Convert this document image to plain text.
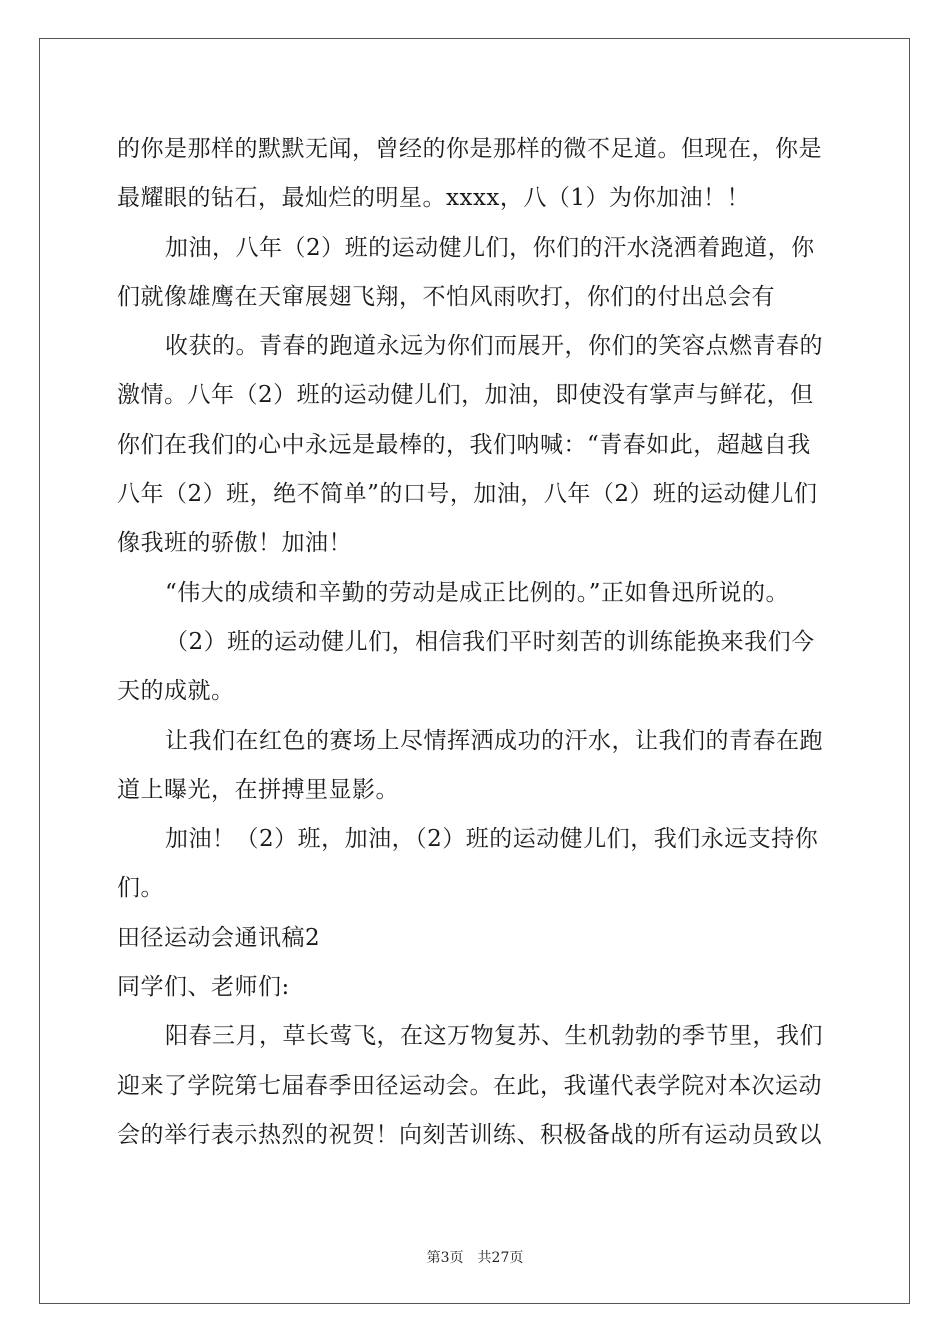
的你是那样的默默无闻，曾经的你是那样的微不足道。但现在，你是
最耀眼的钻石，最灿烂的明星。xxxx，八（1）为你加油！！
加油，八年（2）班的运动健儿们，你们的汗水浇洒着跑道，你
们就像雄鹰在天窜展翅飞翔，不怕风雨吹打，你们的付出总会有
收获的。青春的跑道永远为你们而展开，你们的笑容点燃青春的
激情。八年（2）班的运动健儿们，加油，即使没有掌声与鲜花，但
你们在我们的心中永远是最棒的，我们呐喊：“青春如此，超越自我
八年（2）班，绝不简单”的口号，加油，八年（2）班的运动健儿们
像我班的骄傲！加油！
“伟大的成绩和辛勤的劳动是成正比例的。”正如鲁迅所说的。
（2）班的运动健儿们，相信我们平时刻苦的训练能换来我们今
天的成就。
让我们在红色的赛场上尽情挥洒成功的汗水，让我们的青春在跑
道上曝光，在拼搏里显影。
加油！（2）班，加油，（2）班的运动健儿们，我们永远支持你
们。
田径运动会通讯稿2
同学们、老师们:
阳春三月，草长莺飞，在这万物复苏、生机勃勃的季节里，我们
迎来了学院第七届春季田径运动会。在此，我谨代表学院对本次运动
会的举行表示热烈的祝贺！向刻苦训练、积极备战的所有运动员致以
第3页 共27页
